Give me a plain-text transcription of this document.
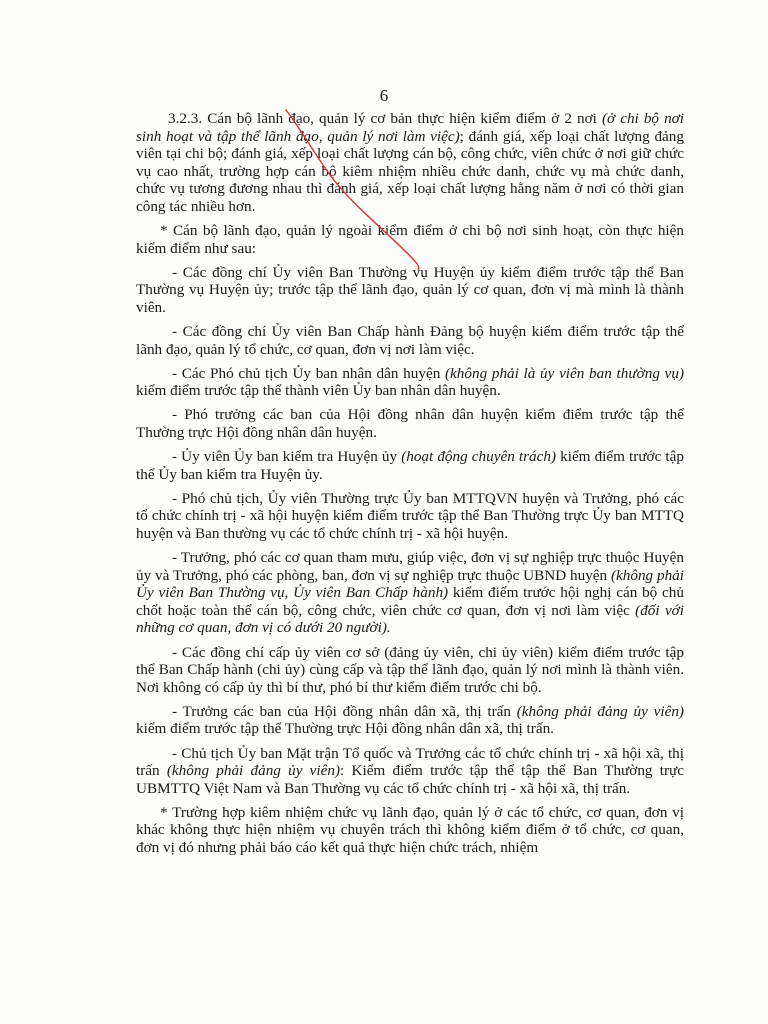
6

3.2.3. Cán bộ lãnh đạo, quản lý cơ bản thực hiện kiểm điểm ở 2 nơi (ở chi bộ nơi sinh hoạt và tập thể lãnh đạo, quản lý nơi làm việc); đánh giá, xếp loại chất lượng đảng viên tại chi bộ; đánh giá, xếp loại chất lượng cán bộ, công chức, viên chức ở nơi giữ chức vụ cao nhất, trường hợp cán bộ kiêm nhiệm nhiều chức danh, chức vụ mà chức danh, chức vụ tương đương nhau thì đánh giá, xếp loại chất lượng hằng năm ở nơi có thời gian công tác nhiều hơn.

* Cán bộ lãnh đạo, quản lý ngoài kiểm điểm ở chi bộ nơi sinh hoạt, còn thực hiện kiểm điểm như sau:

- Các đồng chí Ủy viên Ban Thường vụ Huyện ủy kiểm điểm trước tập thể Ban Thường vụ Huyện ủy; trước tập thể lãnh đạo, quản lý cơ quan, đơn vị mà mình là thành viên.

- Các đồng chí Ủy viên Ban Chấp hành Đảng bộ huyện kiểm điểm trước tập thể lãnh đạo, quản lý tổ chức, cơ quan, đơn vị nơi làm việc.

- Các Phó chủ tịch Ủy ban nhân dân huyện (không phải là ủy viên ban thường vụ) kiểm điểm trước tập thể thành viên Ủy ban nhân dân huyện.

- Phó trưởng các ban của Hội đồng nhân dân huyện kiểm điểm trước tập thể Thường trực Hội đồng nhân dân huyện.

- Ủy viên Ủy ban kiểm tra Huyện ủy (hoạt động chuyên trách) kiểm điểm trước tập thể Ủy ban kiểm tra Huyện ủy.

- Phó chủ tịch, Ủy viên Thường trực Ủy ban MTTQVN huyện và Trưởng, phó các tổ chức chính trị - xã hội huyện kiểm điểm trước tập thể Ban Thường trực Ủy ban MTTQ huyện và Ban thường vụ các tổ chức chính trị - xã hội huyện.

- Trưởng, phó các cơ quan tham mưu, giúp việc, đơn vị sự nghiệp trực thuộc Huyện ủy và Trưởng, phó các phòng, ban, đơn vị sự nghiệp trực thuộc UBND huyện (không phải Ủy viên Ban Thường vụ, Ủy viên Ban Chấp hành) kiểm điểm trước hội nghị cán bộ chủ chốt hoặc toàn thể cán bộ, công chức, viên chức cơ quan, đơn vị nơi làm việc (đối với những cơ quan, đơn vị có dưới 20 người).

- Các đồng chí cấp ủy viên cơ sở (đảng ủy viên, chi ủy viên) kiểm điểm trước tập thể Ban Chấp hành (chi ủy) cùng cấp và tập thể lãnh đạo, quản lý nơi mình là thành viên. Nơi không có cấp ủy thì bí thư, phó bí thư kiểm điểm trước chi bộ.

- Trưởng các ban của Hội đồng nhân dân xã, thị trấn (không phải đảng ủy viên) kiểm điểm trước tập thể Thường trực Hội đồng nhân dân xã, thị trấn.

- Chủ tịch Ủy ban Mặt trận Tổ quốc và Trưởng các tổ chức chính trị - xã hội xã, thị trấn (không phải đảng ủy viên): Kiểm điểm trước tập thể tập thể Ban Thường trực UBMTTQ Việt Nam và Ban Thường vụ các tổ chức chính trị - xã hội xã, thị trấn.

* Trường hợp kiêm nhiệm chức vụ lãnh đạo, quản lý ở các tổ chức, cơ quan, đơn vị khác không thực hiện nhiệm vụ chuyên trách thì không kiểm điểm ở tổ chức, cơ quan, đơn vị đó nhưng phải báo cáo kết quả thực hiện chức trách, nhiệm
